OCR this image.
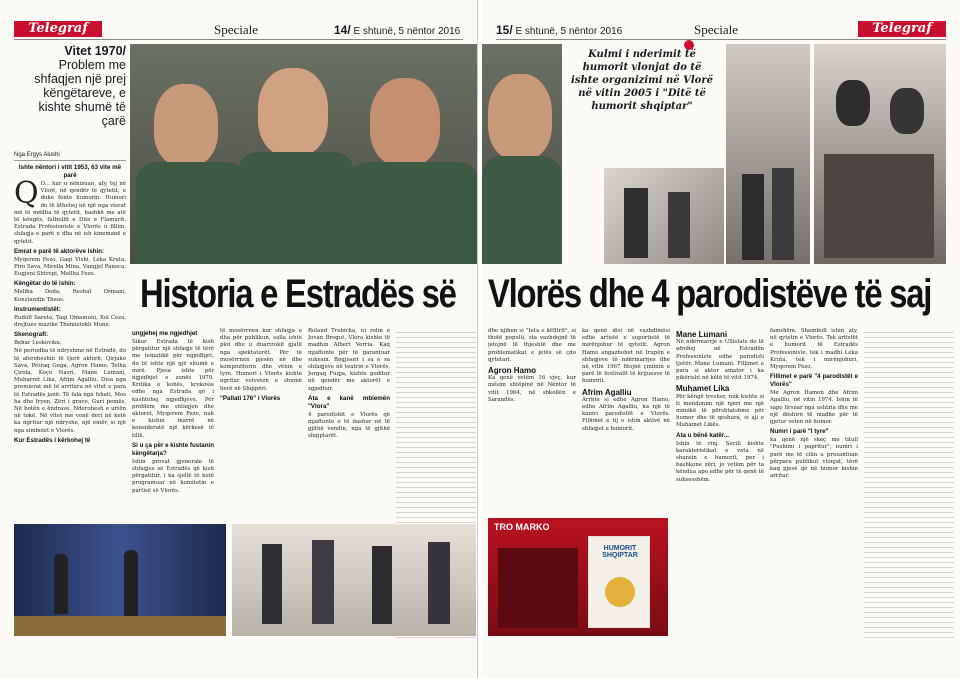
Telegraf	Speciale	14/ E shtunë, 5 nëntor 2016
Vitet 1970/
Problem me shfaqjen një prej këngëtareve, e kishte shumë të çarë
Nga Ergys Alushi
Ishte nëntori i vitit 1953, 63 vite më parë
Q O... kur u nënizuan, aty, tej në Vlorë, në qendër të qytetit, u duke fonte humorin. Humori do të kthehej në një nga vlerat më të mëdha të qytetit, bashkë me atë të këngës, futbollit e Dite e Flamurit. Estrada Profesioniste e Vlorës u fillim, shfaqja e parë u dha në ish kinemanë e qytetit.

Emrat e parë të aktorëve ishin:

Myqerem Fezo, Gaqi Vishi, Leka Kruta, Piro Sava, Mirella Mina, Vangjel Paneca, Eugjeni Shtrepi, Mellha Fezo.

Këngëtar do të ishin:

Mellha Doda, Reshat Osmani, Konstandin Theos.

Instrumentistët:

Rudolf Sareta, Taqi Dinamuni, Xol Ceza, drejtues muzike Themistokli Mone.

Skenografi:

Behar Leskoviku.

Në periudha të ndryshme në Estradë, do të aferoheshin të tjerë aktorë, Qirjako Sava, Petraq Gega, Agron Hamo, Telha Çirola, Koço Nasrí, Mane Lumani, Muharret Lika, Afrim Agalliu. Disa nga premierat më të arritura në vitet e para të Estradës janë: Të fala nga fshati, Mos ha dhe fryen, Zëri i grave, Guri pemës, Në botën e ëndrave, Nderohesh e urtën në tokë. Në vitet me vonë deri në ketë ka ngritur një ndryshe, një emër, si një nga simbolet e Vlorës.

Kur Estradës i kërkohej të
Historia e Estradës së
ungjehej me ngjedhjet

Sikur Estrada të kish përgatitur një shfaqje të tërë me tematikë për ngjedhjet, do të ishte një gjë shumë e mirë. Pjesa ishte për ngjedhjet e zonës 1970. Kritika e kohës, krekosie edhe nga Estrada që i kushtohej ngjedhjeve. Për problem me shfaqjen dhe aktoret, Myqerem Fezo, nuk e kishin marrë në konsideratë një kërkesë të tillë.

Si u ça për e kishte fustanin këngëtarja?

Ishin provat gjenerale të shfaqjes së Estradës që kish përgatitur, i ka sjellë të ketë programuar në komitetin e partisë së Vlorës.

të mosërrnen kur shfaqja u dha për publikun, salla ishte plot dhe u duartrokit gjatë nga spektatorët. Për të mosërrnen pjesën në dhe kompozitorin dhe vënin e tyre. Humori i Vlorës kishte ngritur vetveten e shumë herë në Shqipëri.

"Pallati 176" i Vlorës

Roland Trebicka, ni rolin e Jovan Bregut. Vlora kishte të madhin Albert Verria. Kaq mjaftonte për të garantuar sukesin. Regjisori i sa e sa shfaqjeve në teatrin e Vlorës, Jorgaq Fuqja, kishte goditur në qendër me aktorët e zgjedhur.

Ata e kanë mbiemën "Vlora"

4 parodistët e Vlorës që mjaftonte e të dashur në të gjithë vendin, nga të gjithë shqiptarët.

15/ E shtunë, 5 nëntor 2016	Speciale	Telegraf
Kulmi i nderimit të humorit vlonjat do të ishte organizimi në Vlorë në vitin 2005 i "Ditë të humorit shqiptar"
Vlorës dhe 4 parodistëve të saj

dhe njihen si "Ieta e këlltrit", si thotë populli, sta vazhdojnë të jetojnë të thjeshtë dhe me problematikat e jetës së çdo qytetari.

Agron Hamo

Ka qenë vetëm 16 vjeç, kur mësim shtëpinë në Nëntor të vitit 1964, në shkollën e Sarandës.

ka qenë disi në vazhdimësi edhe artistë e suportistë të mirënjohur të qytetit. Agron Hamo angazhohet në trupën e shfaqjeve të ndërmarrjes dhe në vitin 1967 fitojnë çmimin e parë të festivalit të krijuesve të humorit.

Afrim Agalliu

Arrhte si edhe Agron Hamo, edhe Afrim Agalliu, ka një të kaniri parodistët e Vlorës. Fillimet e tij e ishin aktivë në shfaqjet e humorit.

TRO MARKO
HUMORIT SHQIPTAR
Mane Lumani

Në ndërmarrje e Ulliolats do të afrohej në Estradën Profesioniste edhe parodisti tjetër, Mane Lumani. Fillimet e para si aktor amator i ka pikërisht në këtë të vitit 1974.

Muhamet Lika

Për këngë tresher, nuk kishte si ti mendonim një njeri me një mimikë të përshtatshme për humor dhe të qeshura, si aji e Muhamet Likës.

Ata u bënë katër...

Ishin të rinj. Secili kishte karakteristikat e veta në shansin e humorit, por i bashkone zëri, jo vetëm për ta këndua apo edhe për të qenë të suksesshëm.

famshëm. Shembull ishin aty, në qytetin e Vlorës. Tek artistët e humorit të Estradës Profesioniste, tek i madhi Leka Kruta, tek i mirënjohuri, Myqerem Fezo.

Fillimet e parë "4 parodistët e Vlorës"

Me Agron Hamon dhe Afrim Agalliu, në vitin 1974. Ishin të sapo lirsuar nga ushtria dhe me një dëshirë të madhe për të gjetur veten në humor.

Numri i parë "I tyre"

ka qenë një skeç me titull "Pushimi i papritur", numri i parë me të cilin u prezantuan përpara publikut vlonjat, tërë kaq pjesë që në humor kishin arritur.
